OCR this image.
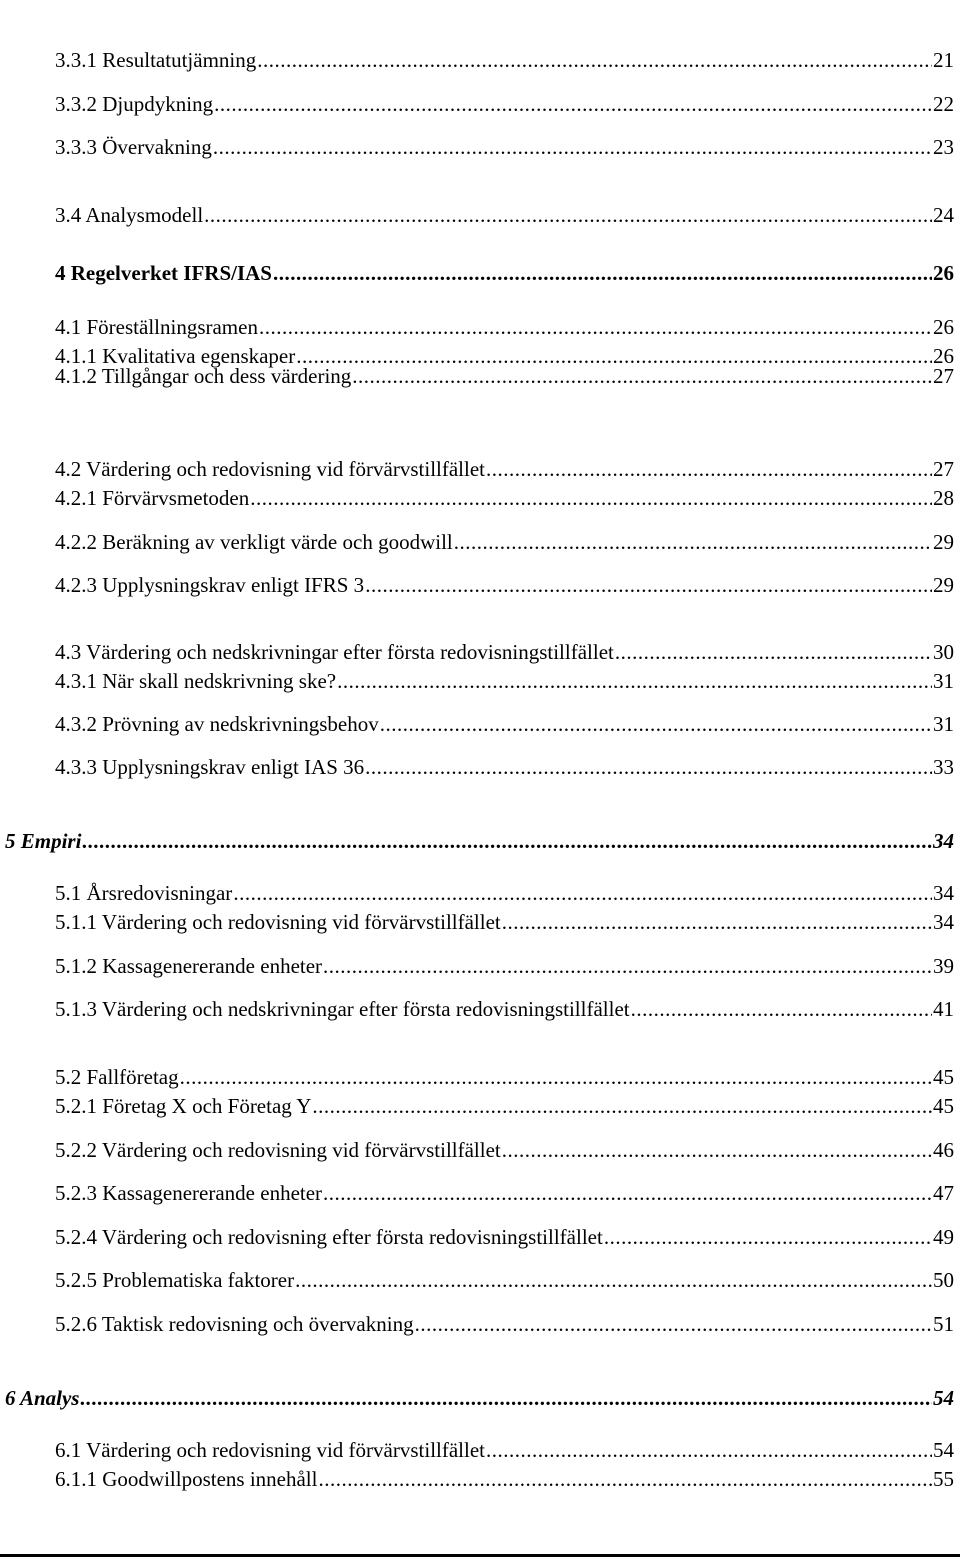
3.3.1 Resultatutjämning .....	21
3.3.2 Djupdykning .....	22
3.3.3 Övervakning .....	23
3.4 Analysmodell .....	24
4 Regelverket IFRS/IAS .....	26
4.1 Föreställningsramen .....	26
4.1.1 Kvalitativa egenskaper .....	26
4.1.2 Tillgångar och dess värdering .....	27
4.2 Värdering och redovisning vid förvärvstillfället .....	27
4.2.1 Förvärvsmetoden .....	28
4.2.2 Beräkning av verkligt värde och goodwill .....	29
4.2.3 Upplysningskrav enligt IFRS 3 .....	29
4.3 Värdering och nedskrivningar efter första redovisningstillfället .....	30
4.3.1 När skall nedskrivning ske? .....	31
4.3.2 Prövning av nedskrivningsbehov .....	31
4.3.3 Upplysningskrav enligt IAS 36 .....	33
5 Empiri .....	34
5.1 Årsredovisningar .....	34
5.1.1 Värdering och redovisning vid förvärvstillfället .....	34
5.1.2 Kassagenererande enheter .....	39
5.1.3 Värdering och nedskrivningar efter första redovisningstillfället .....	41
5.2 Fallföretag .....	45
5.2.1 Företag X och Företag Y .....	45
5.2.2 Värdering och redovisning vid förvärvstillfället .....	46
5.2.3 Kassagenererande enheter .....	47
5.2.4 Värdering och redovisning efter första redovisningstillfället .....	49
5.2.5 Problematiska faktorer .....	50
5.2.6 Taktisk redovisning och övervakning .....	51
6 Analys .....	54
6.1 Värdering och redovisning vid förvärvstillfället .....	54
6.1.1 Goodwillpostens innehåll .....	55
